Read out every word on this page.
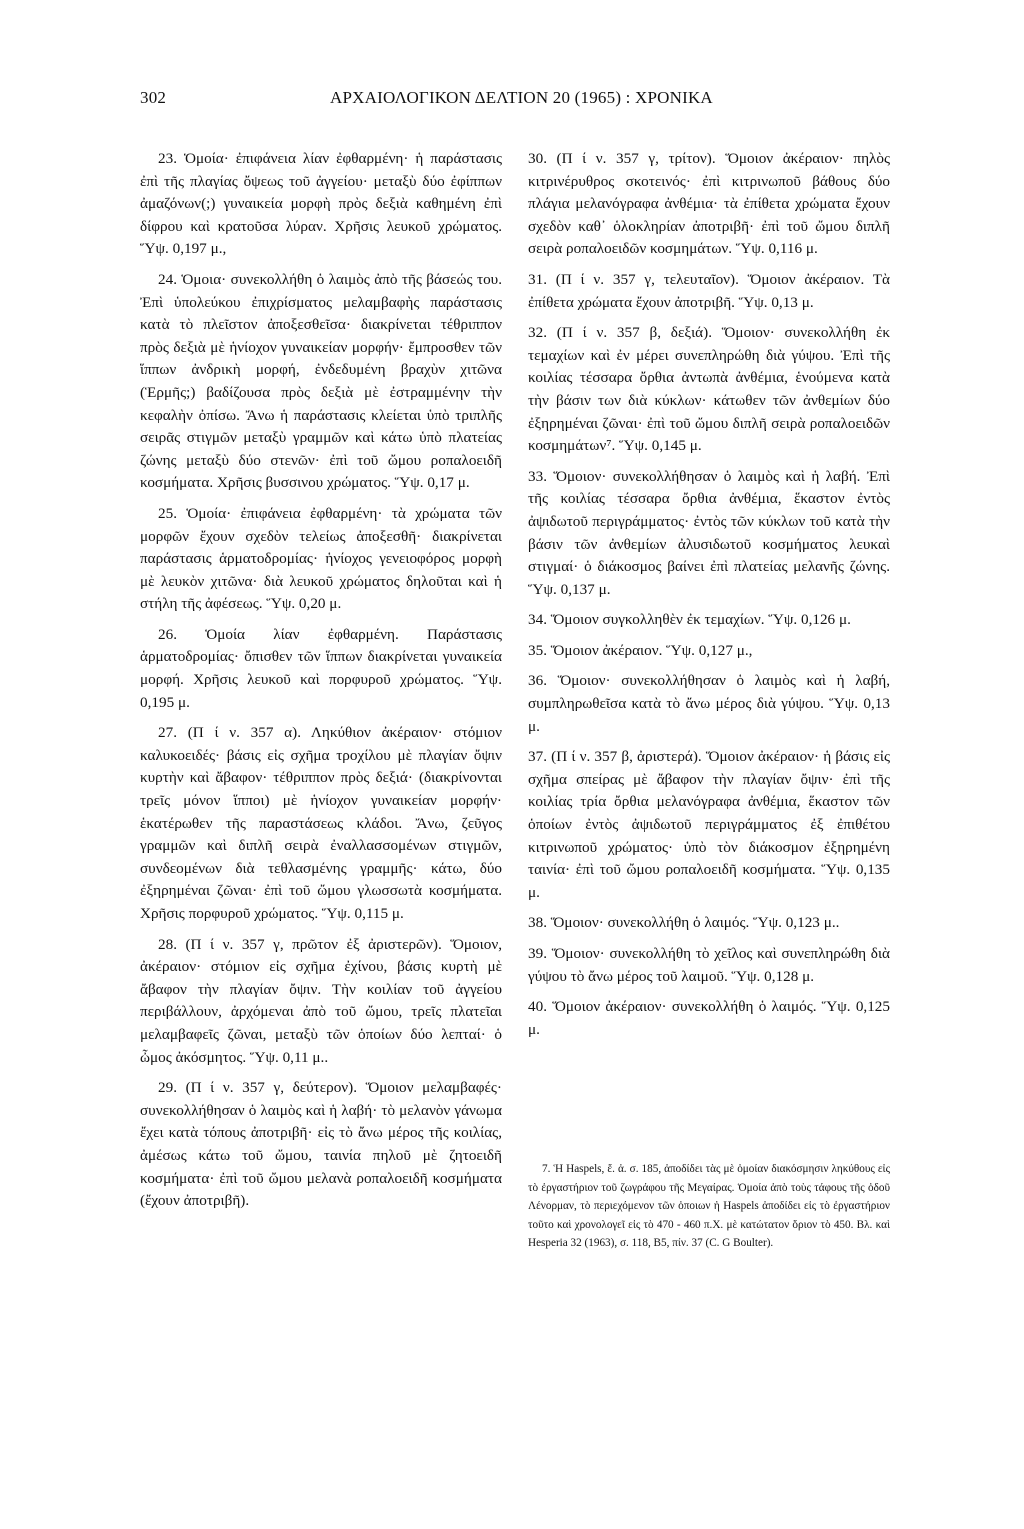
302	ΑΡΧΑΙΟΛΟΓΙΚΟΝ ΔΕΛΤΙΟΝ 20 (1965) : ΧΡΟΝΙΚΑ

23. Ὁμοία· ἐπιφάνεια λίαν ἐφθαρμένη· ἡ παράστασις ἐπὶ τῆς πλαγίας ὄψεως τοῦ ἀγγείου· μεταξὺ δύο ἐφίππων ἀμαζόνων(;) γυναικεία μορφὴ πρὸς δεξιὰ καθημένη ἐπὶ δίφρου καὶ κρατοῦσα λύραν. Χρῆσις λευκοῦ χρώματος. Ὕψ. 0,197 μ.,

24. Ὁμοια· συνεκολλήθη ὁ λαιμὸς ἀπὸ τῆς βάσεώς του. Ἐπὶ ὑπολεύκου ἐπιχρίσματος μελαμβαφὴς παράστασις κατὰ τὸ πλεῖστον ἀποξεσθεῖσα· διακρίνεται τέθριππον πρὸς δεξιὰ μὲ ἡνίοχον γυναικείαν μορφήν· ἔμπροσθεν τῶν ἵππων ἀνδρικὴ μορφή, ἐνδεδυμένη βραχὺν χιτῶνα (Ἑρμῆς;) βαδίζουσα πρὸς δεξιὰ μὲ ἐστραμμένην τὴν κεφαλὴν ὀπίσω. Ἄνω ἡ παράστασις κλείεται ὑπὸ τριπλῆς σειρᾶς στιγμῶν μεταξὺ γραμμῶν καὶ κάτω ὑπὸ πλατείας ζώνης μεταξὺ δύο στενῶν· ἐπὶ τοῦ ὤμου ροπαλοειδῆ κοσμήματα. Χρῆσις βυσσινου χρώματος. Ὕψ. 0,17 μ.

25. Ὁμοία· ἐπιφάνεια ἐφθαρμένη· τὰ χρώματα τῶν μορφῶν ἔχουν σχεδὸν τελείως ἀποξεσθῆ· διακρίνεται παράστασις ἁρματοδρομίας· ἡνίοχος γενειοφόρος μορφὴ μὲ λευκὸν χιτῶνα· διὰ λευκοῦ χρώματος δηλοῦται καὶ ἡ στήλη τῆς ἀφέσεως. Ὕψ. 0,20 μ.

26. Ὁμοία λίαν ἐφθαρμένη. Παράστασις ἁρματοδρομίας· ὄπισθεν τῶν ἵππων διακρίνεται γυναικεία μορφή. Χρῆσις λευκοῦ καὶ πορφυροῦ χρώματος. Ὕψ. 0,195 μ.

27. (Π ί ν. 357 α). Ληκύθιον ἀκέραιον· στόμιον καλυκοειδές· βάσις εἰς σχῆμα τροχίλου μὲ πλαγίαν ὄψιν κυρτὴν καὶ ἄβαφον· τέθριππον πρὸς δεξιά· (διακρίνονται τρεῖς μόνον ἵπποι) μὲ ἡνίοχον γυναικείαν μορφήν· ἑκατέρωθεν τῆς παραστάσεως κλάδοι. Ἄνω, ζεῦγος γραμμῶν καὶ διπλῆ σειρὰ ἐναλλασσομένων στιγμῶν, συνδεομένων διὰ τεθλασμένης γραμμῆς· κάτω, δύο ἐξηρημέναι ζῶναι· ἐπὶ τοῦ ὤμου γλωσσωτὰ κοσμήματα. Χρῆσις πορφυροῦ χρώματος. Ὕψ. 0,115 μ.

28. (Π ί ν. 357 γ, πρῶτον ἐξ ἀριστερῶν). Ὅμοιον, ἀκέραιον· στόμιον εἰς σχῆμα ἐχίνου, βάσις κυρτὴ μὲ ἄβαφον τὴν πλαγίαν ὄψιν. Τὴν κοιλίαν τοῦ ἀγγείου περιβάλλουν, ἀρχόμεναι ἀπὸ τοῦ ὤμου, τρεῖς πλατεῖαι μελαμβαφεῖς ζῶναι, μεταξὺ τῶν ὁποίων δύο λεπταί· ὁ ὦμος ἀκόσμητος. Ὕψ. 0,11 μ..

29. (Π ί ν. 357 γ, δεύτερον). Ὅμοιον μελαμβαφές· συνεκολλήθησαν ὁ λαιμὸς καὶ ἡ λαβή· τὸ μελανὸν γάνωμα ἔχει κατὰ τόπους ἀποτριβῆ· εἰς τὸ ἄνω μέρος τῆς κοιλίας, ἀμέσως κάτω τοῦ ὤμου, ταινία πηλοῦ μὲ ζητοειδῆ κοσμήματα· ἐπὶ τοῦ ὤμου μελανὰ ροπαλοειδῆ κοσμήματα (ἔχουν ἀποτριβῆ).

30. (Π ί ν. 357 γ, τρίτον). Ὅμοιον ἀκέραιον· πηλὸς κιτρινέρυθρος σκοτεινός· ἐπὶ κιτρινωποῦ βάθους δύο πλάγια μελανόγραφα ἀνθέμια· τὰ ἐπίθετα χρώματα ἔχουν σχεδὸν καθ᾽ ὁλοκληρίαν ἀποτριβῆ· ἐπὶ τοῦ ὤμου διπλῆ σειρὰ ροπαλοειδῶν κοσμημάτων. Ὕψ. 0,116 μ.

31. (Π ί ν. 357 γ, τελευταῖον). Ὅμοιον ἀκέραιον. Τὰ ἐπίθετα χρώματα ἔχουν ἀποτριβῆ. Ὕψ. 0,13 μ.

32. (Π ί ν. 357 β, δεξιά). Ὅμοιον· συνεκολλήθη ἐκ τεμαχίων καὶ ἐν μέρει συνεπληρώθη διὰ γύψου. Ἐπὶ τῆς κοιλίας τέσσαρα ὄρθια ἀντωπὰ ἀνθέμια, ἑνούμενα κατὰ τὴν βάσιν των διὰ κύκλων· κάτωθεν τῶν ἀνθεμίων δύο ἐξηρημέναι ζῶναι· ἐπὶ τοῦ ὤμου διπλῆ σειρὰ ροπαλοειδῶν κοσμημάτων⁷. Ὕψ. 0,145 μ.

33. Ὅμοιον· συνεκολλήθησαν ὁ λαιμὸς καὶ ἡ λαβή. Ἐπὶ τῆς κοιλίας τέσσαρα ὄρθια ἀνθέμια, ἕκαστον ἐντὸς ἀψιδωτοῦ περιγράμματος· ἐντὸς τῶν κύκλων τοῦ κατὰ τὴν βάσιν τῶν ἀνθεμίων ἀλυσιδωτοῦ κοσμήματος λευκαὶ στιγμαί· ὁ διάκοσμος βαίνει ἐπὶ πλατείας μελανῆς ζώνης. Ὕψ. 0,137 μ.

34. Ὅμοιον συγκολληθὲν ἐκ τεμαχίων. Ὕψ. 0,126 μ.

35. Ὅμοιον ἀκέραιον. Ὕψ. 0,127 μ.,

36. Ὅμοιον· συνεκολλήθησαν ὁ λαιμὸς καὶ ἡ λαβή, συμπληρωθεῖσα κατὰ τὸ ἄνω μέρος διὰ γύψου. Ὕψ. 0,13 μ.

37. (Π ί ν. 357 β, ἀριστερά). Ὅμοιον ἀκέραιον· ἡ βάσις εἰς σχῆμα σπείρας μὲ ἄβαφον τὴν πλαγίαν ὄψιν· ἐπὶ τῆς κοιλίας τρία ὄρθια μελανόγραφα ἀνθέμια, ἕκαστον τῶν ὁποίων ἐντὸς ἀψιδωτοῦ περιγράμματος ἐξ ἐπιθέτου κιτρινωποῦ χρώματος· ὑπὸ τὸν διάκοσμον ἐξηρημένη ταινία· ἐπὶ τοῦ ὤμου ροπαλοειδῆ κοσμήματα. Ὕψ. 0,135 μ.

38. Ὅμοιον· συνεκολλήθη ὁ λαιμός. Ὕψ. 0,123 μ..

39. Ὅμοιον· συνεκολλήθη τὸ χεῖλος καὶ συνεπληρώθη διὰ γύψου τὸ ἄνω μέρος τοῦ λαιμοῦ. Ὕψ. 0,128 μ.

40. Ὅμοιον ἀκέραιον· συνεκολλήθη ὁ λαιμός. Ὕψ. 0,125 μ.

7. Ἡ Haspels, ἔ. ἀ. σ. 185, ἀποδίδει τὰς μὲ ὁμοίαν διακόσμησιν ληκύθους εἰς τὸ ἐργαστήριον τοῦ ζωγράφου τῆς Μεγαίρας. Ὁμοία ἀπὸ τοὺς τάφους τῆς ὁδοῦ Λένορμαν, τὸ περιεχόμενον τῶν ὁποιων ἡ Haspels ἀποδίδει εἰς τὸ ἐργαστήριον τοῦτο καὶ χρονολογεῖ εἰς τὸ 470 - 460 π.Χ. μὲ κατώτατον ὅριον τὸ 450. Βλ. καὶ Hesperia 32 (1963), σ. 118, Β5, πίν. 37 (C. G Boulter).
